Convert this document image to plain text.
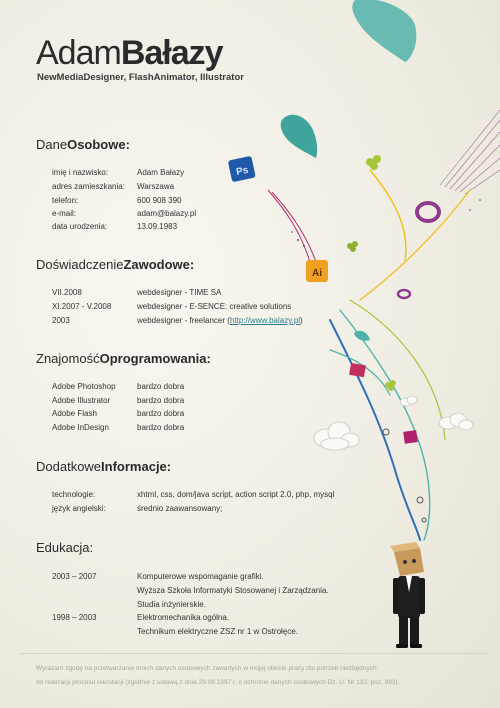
Ps
Ai
AdamBałazy
NewMediaDesigner, FlashAnimator, Illustrator
DaneOsobowe:
imię i nazwisko:	Adam Bałazy
adres zamieszkania: Warszawa
telefon:	600 908 390
e-mail:	adam@balazy.pl
data urodzenia:	13.09.1983
DoświadczenieZawodowe:
VII.2008	webdesigner - TIME SA
XI.2007 - V.2008	webdesigner - E-SENCE: creative solutions
2003	webdesigner - freelancer (http://www.balazy.pl)
ZnajomośćOprogramowania:
Adobe Photoshop	bardzo dobra
Adobe Illustrator	bardzo dobra
Adobe Flash	bardzo dobra
Adobe InDesign	bardzo dobra
DodatkoweInformacje:
technologie:	xhtml, css, dom/java script, action script 2.0, php, mysql
język angielski:	średnio zaawansowany;
Edukacja:
2003 – 2007	Komputerowe wspomaganie grafiki.
Wyższa Szkoła Informatyki Stosowanej i Zarządzania.
Studia inżynierskie.
1998 – 2003	Elektromechanika ogólna.
Technikum elektryczne ZSZ nr 1 w Ostrołęce.
Wyrażam zgodę na przetwarzanie moich danych osobowych zawartych w mojej ofercie pracy dla potrzeb niezbędnych
do realizacji procesu rekrutacji (zgodnie z ustawą z dnia 29.08.1997 r. o ochronie danych osobowych Dz. U. Nr 133, poz. 883)
